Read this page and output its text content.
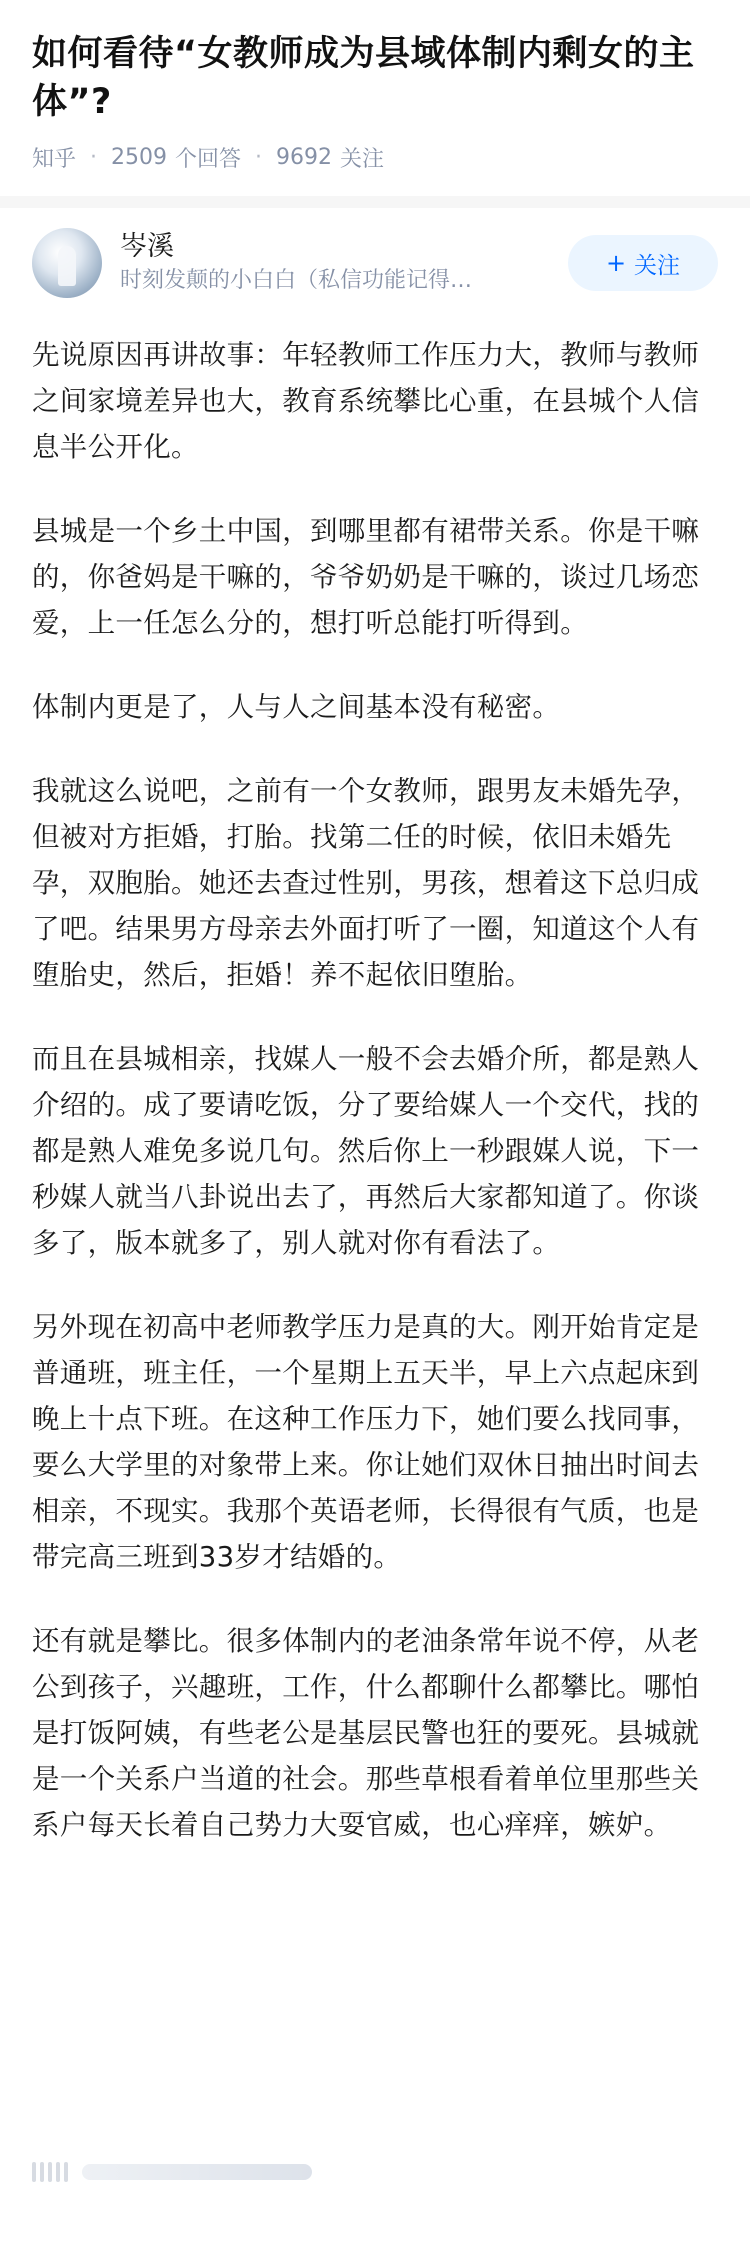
如何看待“女教师成为县域体制内剩女的主体”?
知乎 · 2509 个回答 · 9692 关注
岑溪
时刻发颠的小白白（私信功能记得…
+ 关注

先说原因再讲故事：年轻教师工作压力大，教师与教师之间家境差异也大，教育系统攀比心重，在县城个人信息半公开化。

县城是一个乡土中国，到哪里都有裙带关系。你是干嘛的，你爸妈是干嘛的，爷爷奶奶是干嘛的，谈过几场恋爱，上一任怎么分的，想打听总能打听得到。

体制内更是了，人与人之间基本没有秘密。

我就这么说吧，之前有一个女教师，跟男友未婚先孕，但被对方拒婚，打胎。找第二任的时候，依旧未婚先孕，双胞胎。她还去查过性别，男孩，想着这下总归成了吧。结果男方母亲去外面打听了一圈，知道这个人有堕胎史，然后，拒婚！养不起依旧堕胎。

而且在县城相亲，找媒人一般不会去婚介所，都是熟人介绍的。成了要请吃饭，分了要给媒人一个交代，找的都是熟人难免多说几句。然后你上一秒跟媒人说，下一秒媒人就当八卦说出去了，再然后大家都知道了。你谈多了，版本就多了，别人就对你有看法了。

另外现在初高中老师教学压力是真的大。刚开始肯定是普通班，班主任，一个星期上五天半，早上六点起床到晚上十点下班。在这种工作压力下，她们要么找同事，要么大学里的对象带上来。你让她们双休日抽出时间去相亲，不现实。我那个英语老师，长得很有气质，也是带完高三班到33岁才结婚的。

还有就是攀比。很多体制内的老油条常年说不停，从老公到孩子，兴趣班，工作，什么都聊什么都攀比。哪怕是打饭阿姨，有些老公是基层民警也狂的要死。县城就是一个关系户当道的社会。那些草根看着单位里那些关系户每天长着自己势力大耍官威，也心痒痒，嫉妒。
